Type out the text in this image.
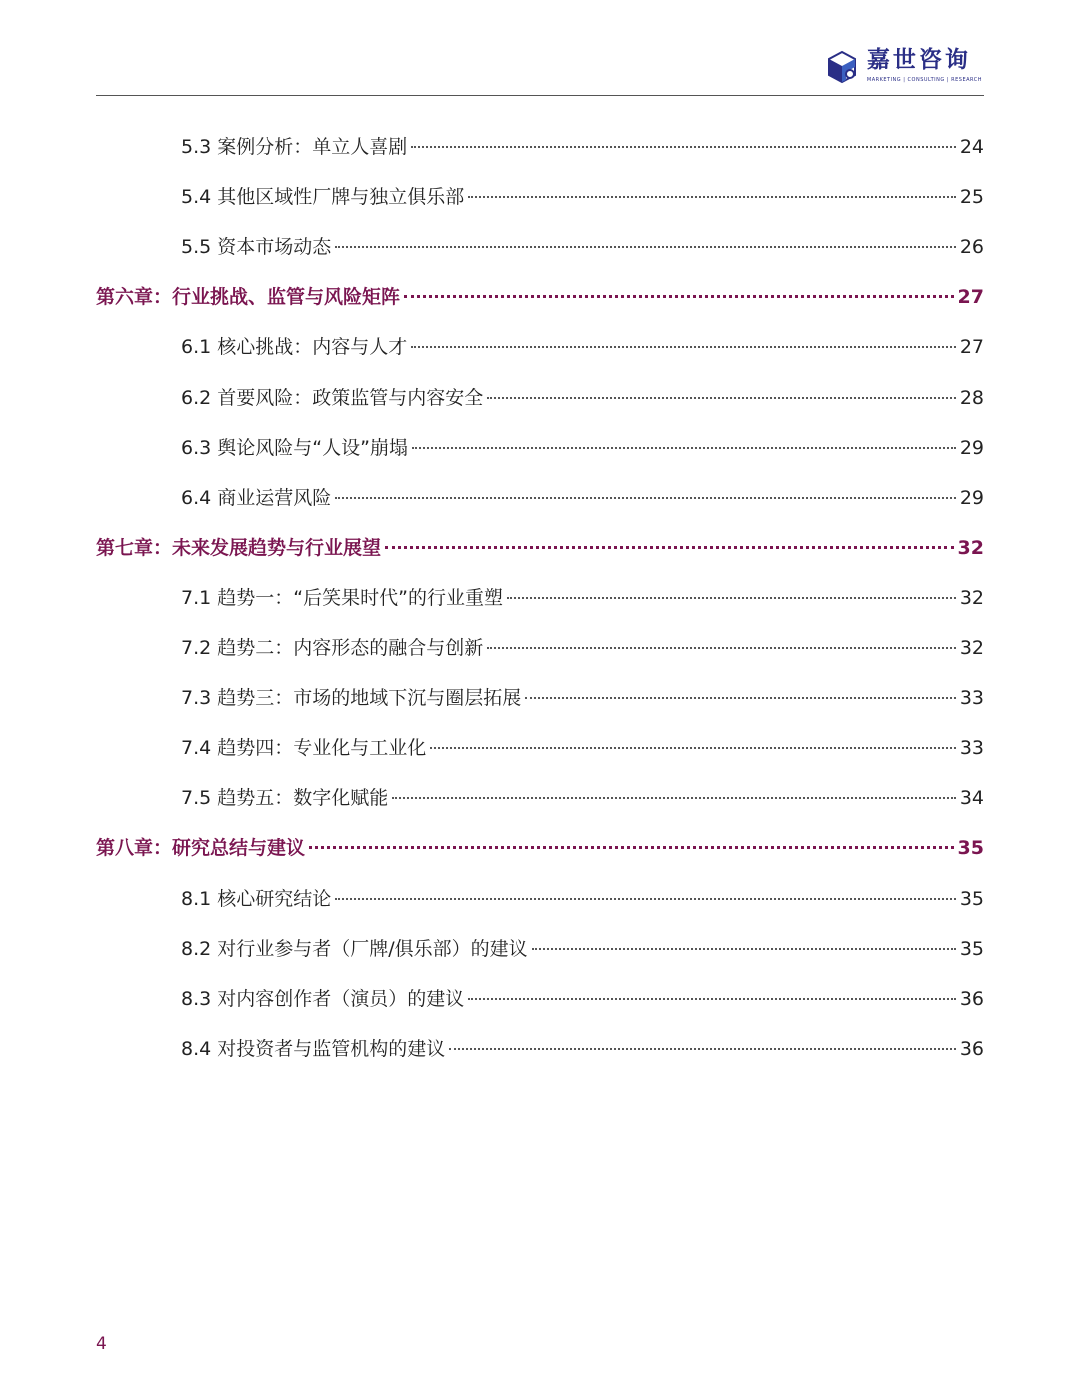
嘉世咨询
MARKETING | CONSULTING | RESEARCH
5.3 案例分析：单立人喜剧	24
5.4 其他区域性厂牌与独立俱乐部	25
5.5 资本市场动态	26
第六章：行业挑战、监管与风险矩阵	27
6.1 核心挑战：内容与人才	27
6.2 首要风险：政策监管与内容安全	28
6.3 舆论风险与“人设”崩塌	29
6.4 商业运营风险	29
第七章：未来发展趋势与行业展望	32
7.1 趋势一：“后笑果时代”的行业重塑	32
7.2 趋势二：内容形态的融合与创新	32
7.3 趋势三：市场的地域下沉与圈层拓展	33
7.4 趋势四：专业化与工业化	33
7.5 趋势五：数字化赋能	34
第八章：研究总结与建议	35
8.1 核心研究结论	35
8.2 对行业参与者（厂牌/俱乐部）的建议	35
8.3 对内容创作者（演员）的建议	36
8.4 对投资者与监管机构的建议	36
4
